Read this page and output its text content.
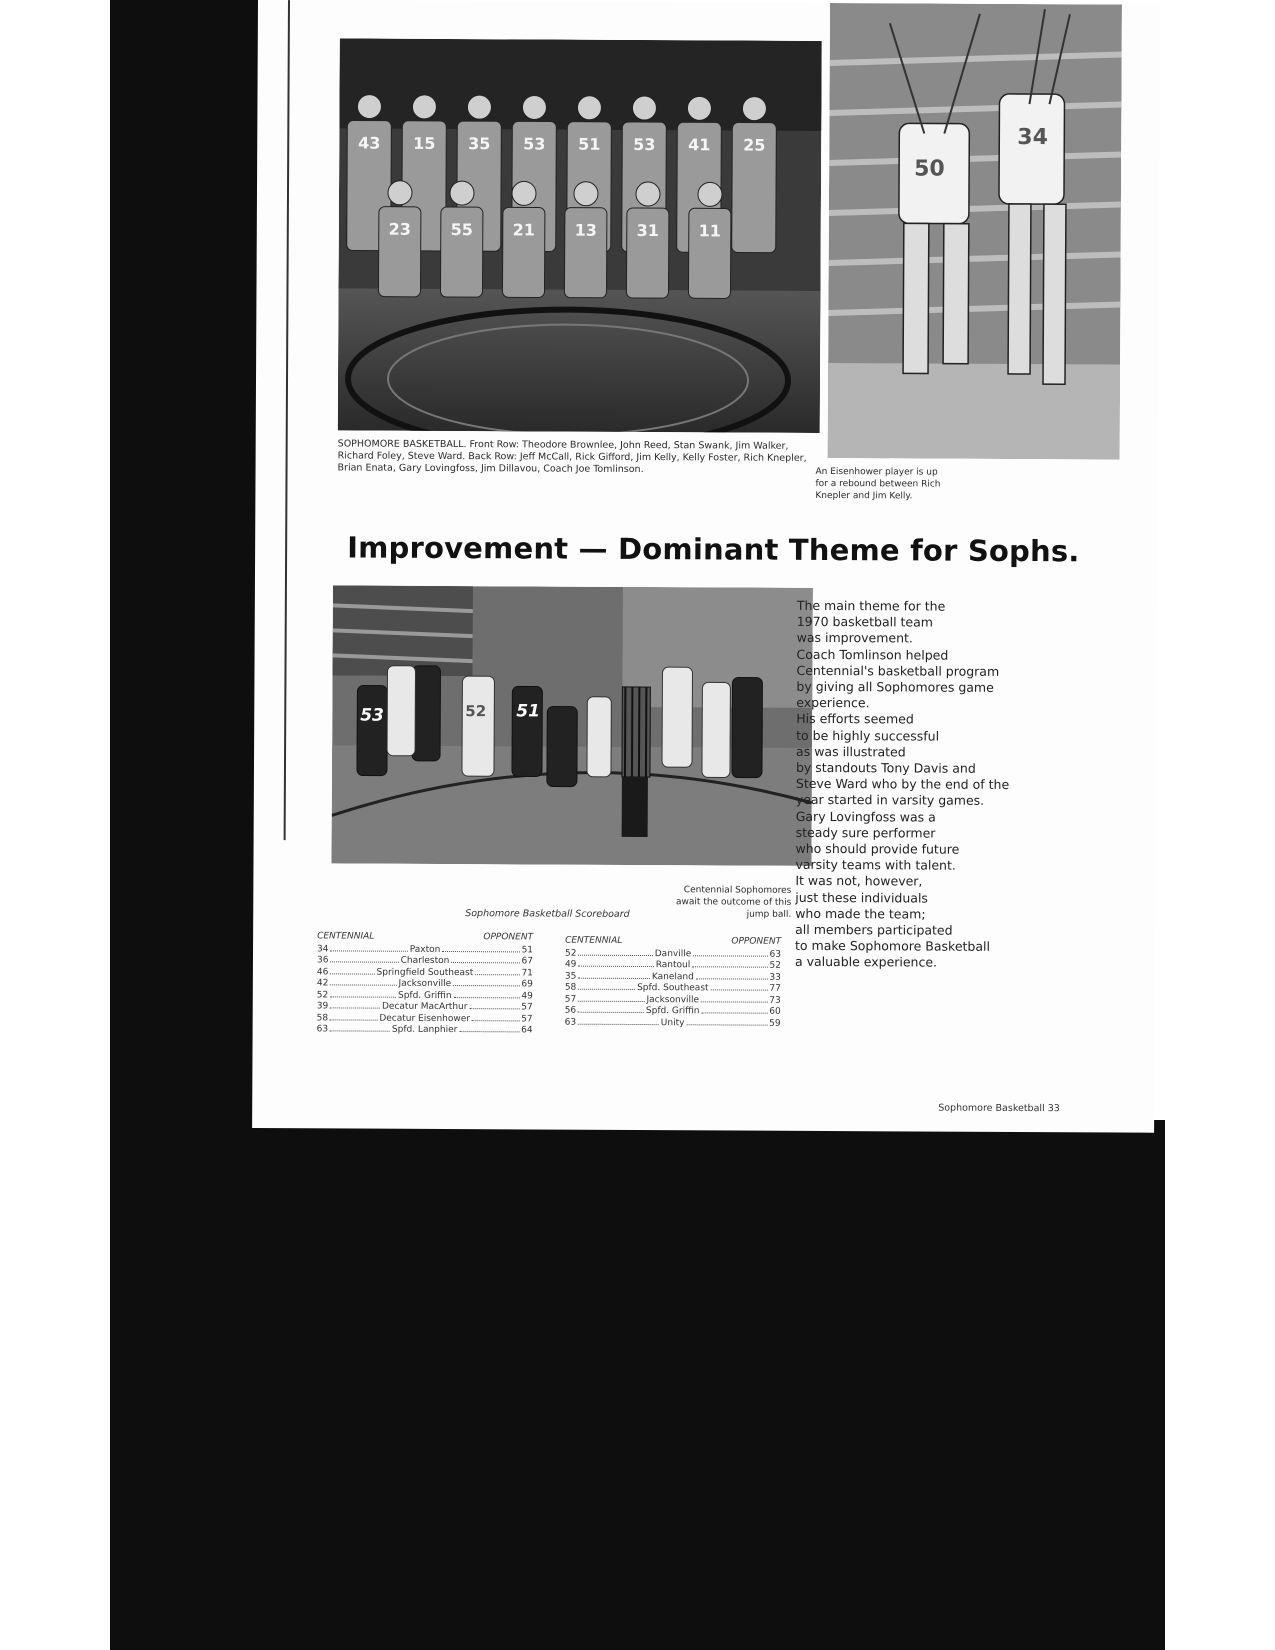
43 15 35 53 51 53 41 25
23 55 21 13 31 11
SOPHOMORE BASKETBALL. Front Row: Theodore Brownlee, John Reed, Stan Swank, Jim Walker, Richard Foley, Steve Ward. Back Row: Jeff McCall, Rick Gifford, Jim Kelly, Kelly Foster, Rich Knepler, Brian Enata, Gary Lovingfoss, Jim Dillavou, Coach Joe Tomlinson.
50
34
An Eisenhower player is up for a rebound between Rich Knepler and Jim Kelly.
Improvement — Dominant Theme for Sophs.
53	52 51
Centennial Sophomores await the outcome of this jump ball.
The main theme for the
1970 basketball team
was improvement.
Coach Tomlinson helped
Centennial's basketball program
by giving all Sophomores game
experience.
His efforts seemed
to be highly successful
as was illustrated
by standouts Tony Davis and
Steve Ward who by the end of the
year started in varsity games.
Gary Lovingfoss was a
steady sure performer
who should provide future
varsity teams with talent.
It was not, however,
just these individuals
who made the team;
all members participated
to make Sophomore Basketball
a valuable experience.
Sophomore Basketball Scoreboard
CENTENNIAL	OPPONENT
34	Paxton	51
36	Charleston	67
46	Springfield Southeast	71
42	Jacksonville	69
52	Spfd. Griffin	49
39	Decatur MacArthur	57
58	Decatur Eisenhower	57
63	Spfd. Lanphier	64
CENTENNIAL	OPPONENT
52	Danville	63
49	Rantoul	52
35	Kaneland	33
58	Spfd. Southeast	77
57	Jacksonville	73
56	Spfd. Griffin	60
63	Unity	59
Sophomore Basketball 33
